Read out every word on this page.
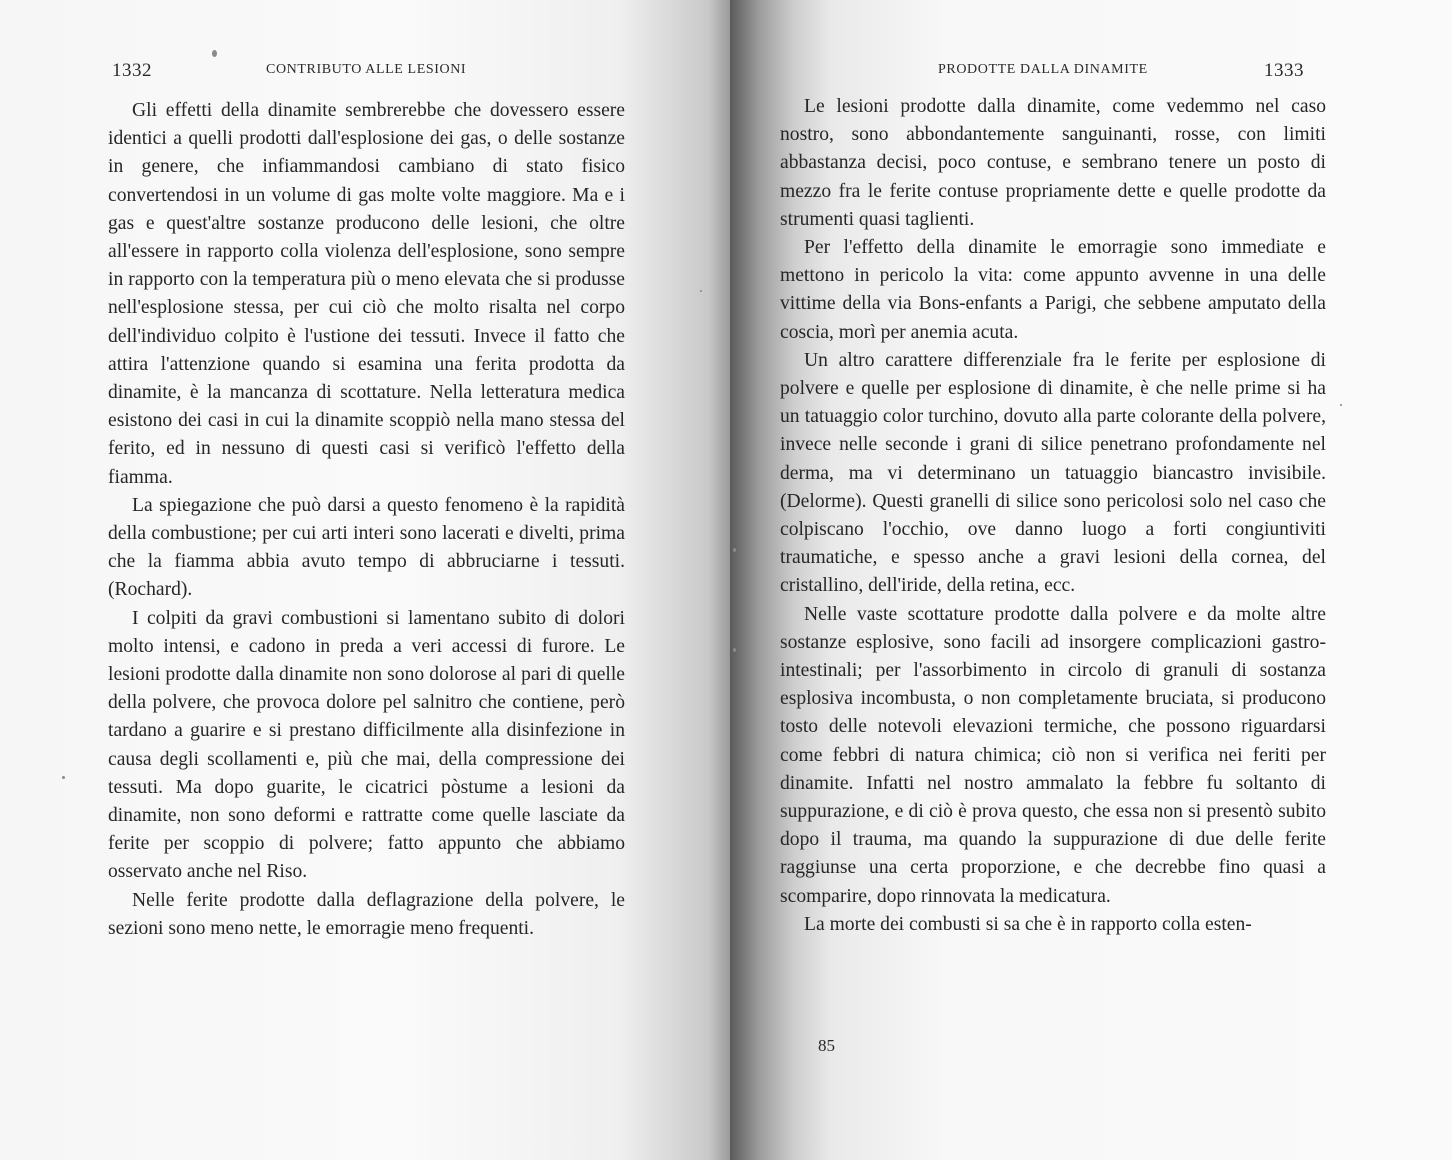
1332	CONTRIBUTO ALLE LESIONI

Gli effetti della dinamite sembrerebbe che dovessero essere identici a quelli prodotti dall'esplosione dei gas, o delle sostanze in genere, che infiammandosi cambiano di stato fisico convertendosi in un volume di gas molte volte maggiore. Ma e i gas e quest'altre sostanze producono delle lesioni, che oltre all'essere in rapporto colla violenza dell'esplosione, sono sempre in rapporto con la temperatura più o meno elevata che si produsse nell'esplosione stessa, per cui ciò che molto risalta nel corpo dell'individuo colpito è l'ustione dei tessuti. Invece il fatto che attira l'attenzione quando si esamina una ferita prodotta da dinamite, è la mancanza di scottature. Nella letteratura medica esistono dei casi in cui la dinamite scoppiò nella mano stessa del ferito, ed in nessuno di questi casi si verificò l'effetto della fiamma.

La spiegazione che può darsi a questo fenomeno è la rapidità della combustione; per cui arti interi sono lacerati e divelti, prima che la fiamma abbia avuto tempo di abbruciarne i tessuti. (Rochard).

I colpiti da gravi combustioni si lamentano subito di dolori molto intensi, e cadono in preda a veri accessi di furore. Le lesioni prodotte dalla dinamite non sono dolorose al pari di quelle della polvere, che provoca dolore pel salnitro che contiene, però tardano a guarire e si prestano difficilmente alla disinfezione in causa degli scollamenti e, più che mai, della compressione dei tessuti. Ma dopo guarite, le cicatrici pòstume a lesioni da dinamite, non sono deformi e rattratte come quelle lasciate da ferite per scoppio di polvere; fatto appunto che abbiamo osservato anche nel Riso.

Nelle ferite prodotte dalla deflagrazione della polvere, le sezioni sono meno nette, le emorragie meno frequenti.

PRODOTTE DALLA DINAMITE	1333

Le lesioni prodotte dalla dinamite, come vedemmo nel caso nostro, sono abbondantemente sanguinanti, rosse, con limiti abbastanza decisi, poco contuse, e sembrano tenere un posto di mezzo fra le ferite contuse propriamente dette e quelle prodotte da strumenti quasi taglienti.

Per l'effetto della dinamite le emorragie sono immediate e mettono in pericolo la vita: come appunto avvenne in una delle vittime della via Bons-enfants a Parigi, che sebbene amputato della coscia, morì per anemia acuta.

Un altro carattere differenziale fra le ferite per esplosione di polvere e quelle per esplosione di dinamite, è che nelle prime si ha un tatuaggio color turchino, dovuto alla parte colorante della polvere, invece nelle seconde i grani di silice penetrano profondamente nel derma, ma vi determinano un tatuaggio biancastro invisibile. (Delorme). Questi granelli di silice sono pericolosi solo nel caso che colpiscano l'occhio, ove danno luogo a forti congiuntiviti traumatiche, e spesso anche a gravi lesioni della cornea, del cristallino, dell'iride, della retina, ecc.

Nelle vaste scottature prodotte dalla polvere e da molte altre sostanze esplosive, sono facili ad insorgere complicazioni gastro-intestinali; per l'assorbimento in circolo di granuli di sostanza esplosiva incombusta, o non completamente bruciata, si producono tosto delle notevoli elevazioni termiche, che possono riguardarsi come febbri di natura chimica; ciò non si verifica nei feriti per dinamite. Infatti nel nostro ammalato la febbre fu soltanto di suppurazione, e di ciò è prova questo, che essa non si presentò subito dopo il trauma, ma quando la suppurazione di due delle ferite raggiunse una certa proporzione, e che decrebbe fino quasi a scomparire, dopo rinnovata la medicatura.

La morte dei combusti si sa che è in rapporto colla esten-

85
